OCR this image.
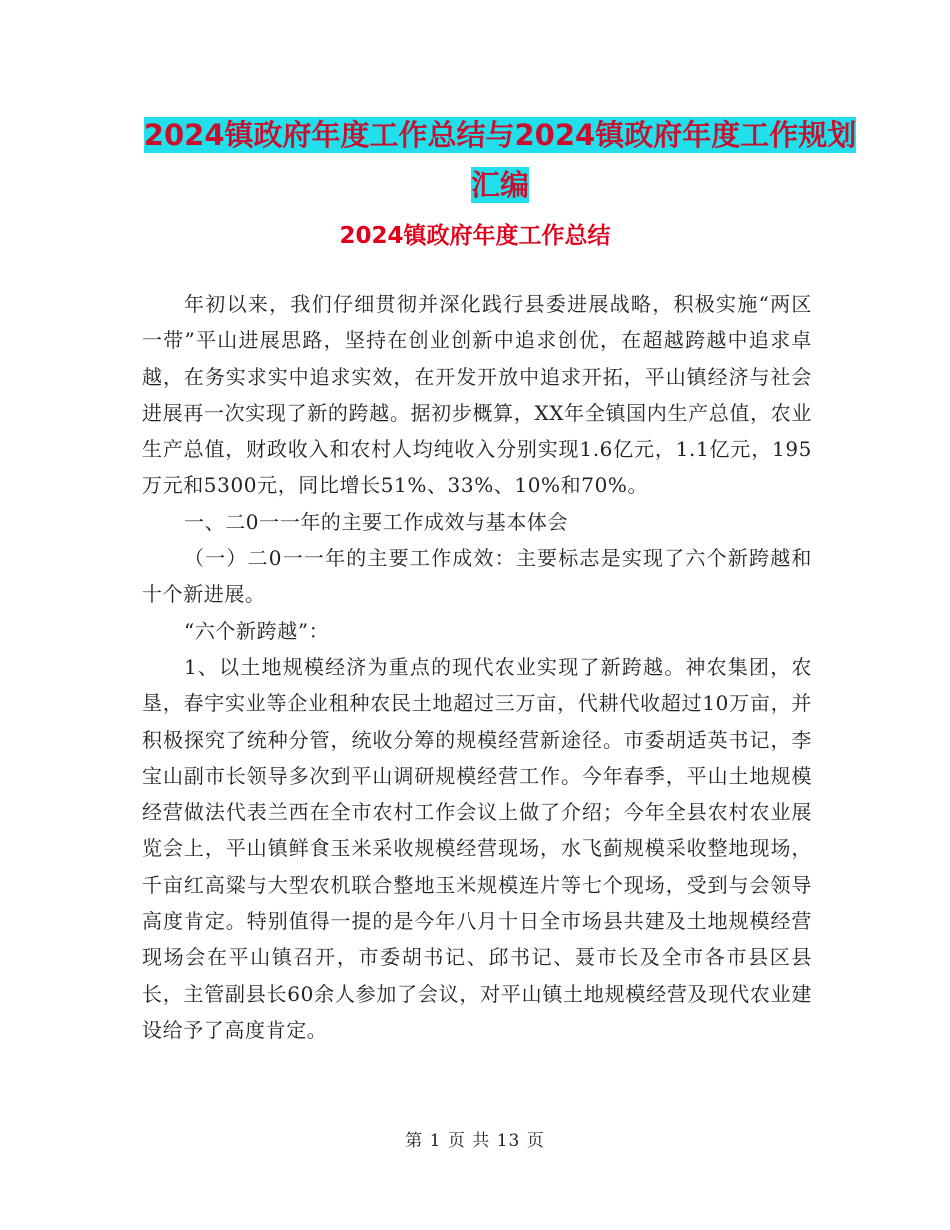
2024镇政府年度工作总结与2024镇政府年度工作规划
汇编
2024镇政府年度工作总结

年初以来，我们仔细贯彻并深化践行县委进展战略，积极实施“两区一带”平山进展思路，坚持在创业创新中追求创优，在超越跨越中追求卓越，在务实求实中追求实效，在开发开放中追求开拓，平山镇经济与社会进展再一次实现了新的跨越。据初步概算，XX年全镇国内生产总值，农业生产总值，财政收入和农村人均纯收入分别实现1.6亿元，1.1亿元，195万元和5300元，同比增长51%、33%、10%和70%。

一、二0一一年的主要工作成效与基本体会

（一）二0一一年的主要工作成效：主要标志是实现了六个新跨越和十个新进展。

“六个新跨越”：

1、以土地规模经济为重点的现代农业实现了新跨越。神农集团，农垦，春宇实业等企业租种农民土地超过三万亩，代耕代收超过10万亩，并积极探究了统种分管，统收分筹的规模经营新途径。市委胡适英书记，李宝山副市长领导多次到平山调研规模经营工作。今年春季，平山土地规模经营做法代表兰西在全市农村工作会议上做了介绍；今年全县农村农业展览会上，平山镇鲜食玉米采收规模经营现场，水飞蓟规模采收整地现场，千亩红高粱与大型农机联合整地玉米规模连片等七个现场，受到与会领导高度肯定。特别值得一提的是今年八月十日全市场县共建及土地规模经营现场会在平山镇召开，市委胡书记、邱书记、聂市长及全市各市县区县长，主管副县长60余人参加了会议，对平山镇土地规模经营及现代农业建设给予了高度肯定。

第 1 页 共 13 页
